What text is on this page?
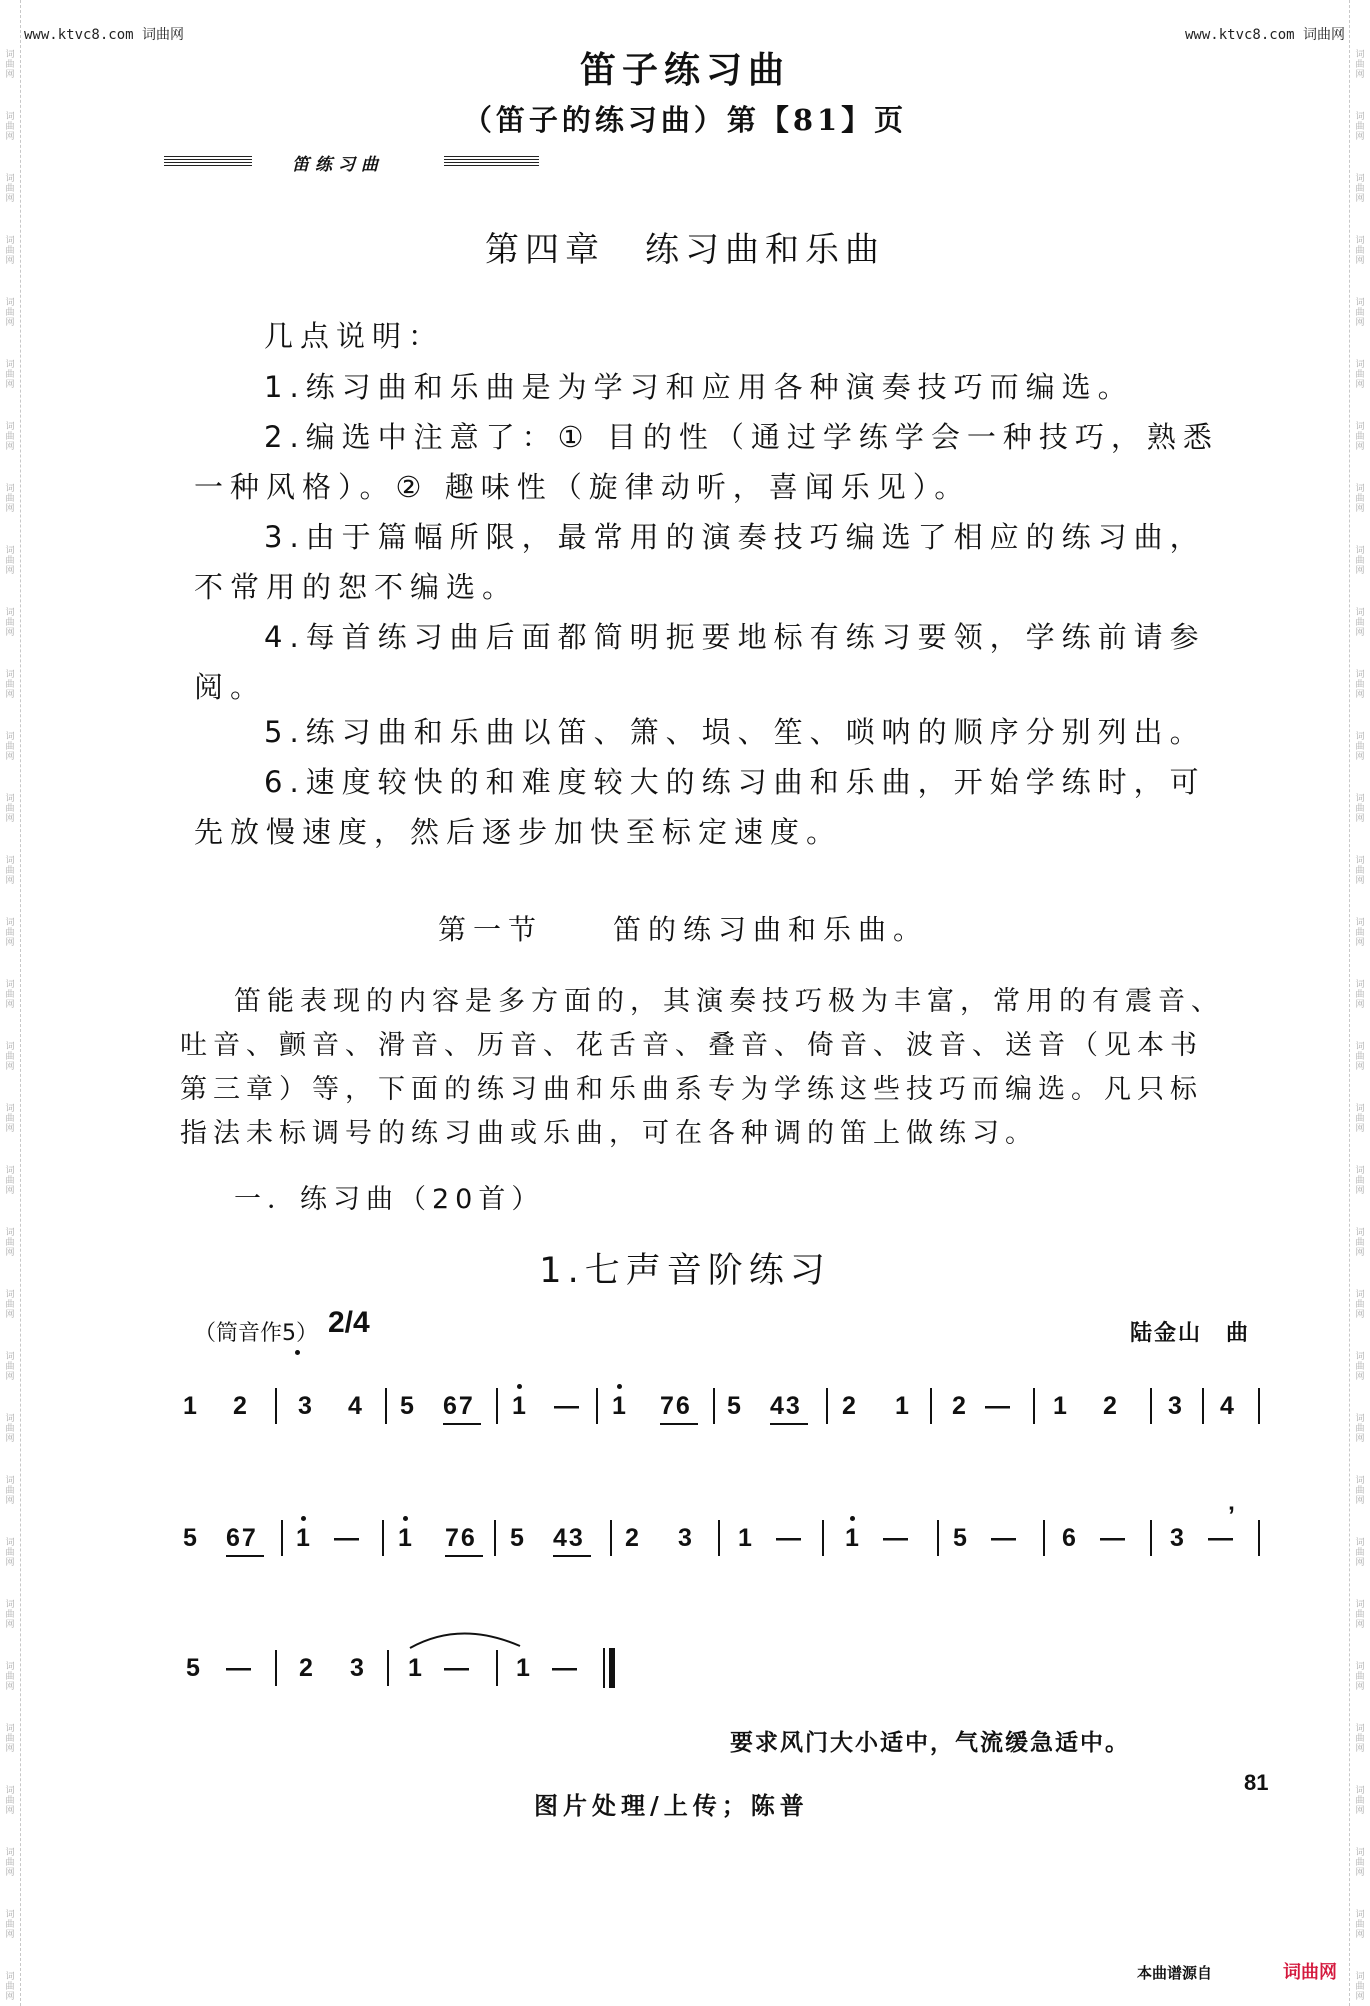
词曲网
词曲网
词曲网
词曲网
词曲网
词曲网
词曲网
词曲网
词曲网
词曲网
词曲网
词曲网
词曲网
词曲网
词曲网
词曲网
词曲网
词曲网
词曲网
词曲网
词曲网
词曲网
词曲网
词曲网
词曲网
词曲网
词曲网
词曲网
词曲网
词曲网
词曲网
词曲网
词曲网
词曲网
词曲网
词曲网
词曲网
词曲网
词曲网
词曲网
词曲网
词曲网
词曲网
词曲网
词曲网
词曲网
词曲网
词曲网
词曲网
词曲网
词曲网
词曲网
词曲网
词曲网
词曲网
词曲网
词曲网
词曲网
词曲网
词曲网
词曲网
词曲网
词曲网
词曲网
www.ktvc8.com 词曲网	www.ktvc8.com 词曲网
笛子练习曲
（笛子的练习曲）第【81】页
笛练习曲
第四章　练习曲和乐曲
几点说明：
1.练习曲和乐曲是为学习和应用各种演奏技巧而编选。
2.编选中注意了：① 目的性（通过学练学会一种技巧，熟悉
一种风格）。② 趣味性（旋律动听，喜闻乐见）。
3.由于篇幅所限，最常用的演奏技巧编选了相应的练习曲，
不常用的恕不编选。
4.每首练习曲后面都简明扼要地标有练习要领，学练前请参
阅。
5.练习曲和乐曲以笛、箫、埙、笙、唢呐的顺序分别列出。
6.速度较快的和难度较大的练习曲和乐曲，开始学练时，可
先放慢速度，然后逐步加快至标定速度。
第一节　　笛的练习曲和乐曲。
笛能表现的内容是多方面的，其演奏技巧极为丰富，常用的有震音、
吐音、颤音、滑音、历音、花舌音、叠音、倚音、波音、送音（见本书
第三章）等，下面的练习曲和乐曲系专为学练这些技巧而编选。凡只标
指法未标调号的练习曲或乐曲，可在各种调的笛上做练习。
一．练习曲（20首）
1.七声音阶练习
（筒音作5） 2/4	陆金山　曲
1 2 3 4 5 67 1 — 1 76 5 43 2 1 2 — 1 2 3 4
5 67 1 — 1 76 5 43 2 3 1 — 1 — 5 — 6 — 3 —
’
5 — 2 3 1 — 1 —
要求风门大小适中，气流缓急适中。
81
图片处理/上传；陈普
本曲谱源自	词曲网
